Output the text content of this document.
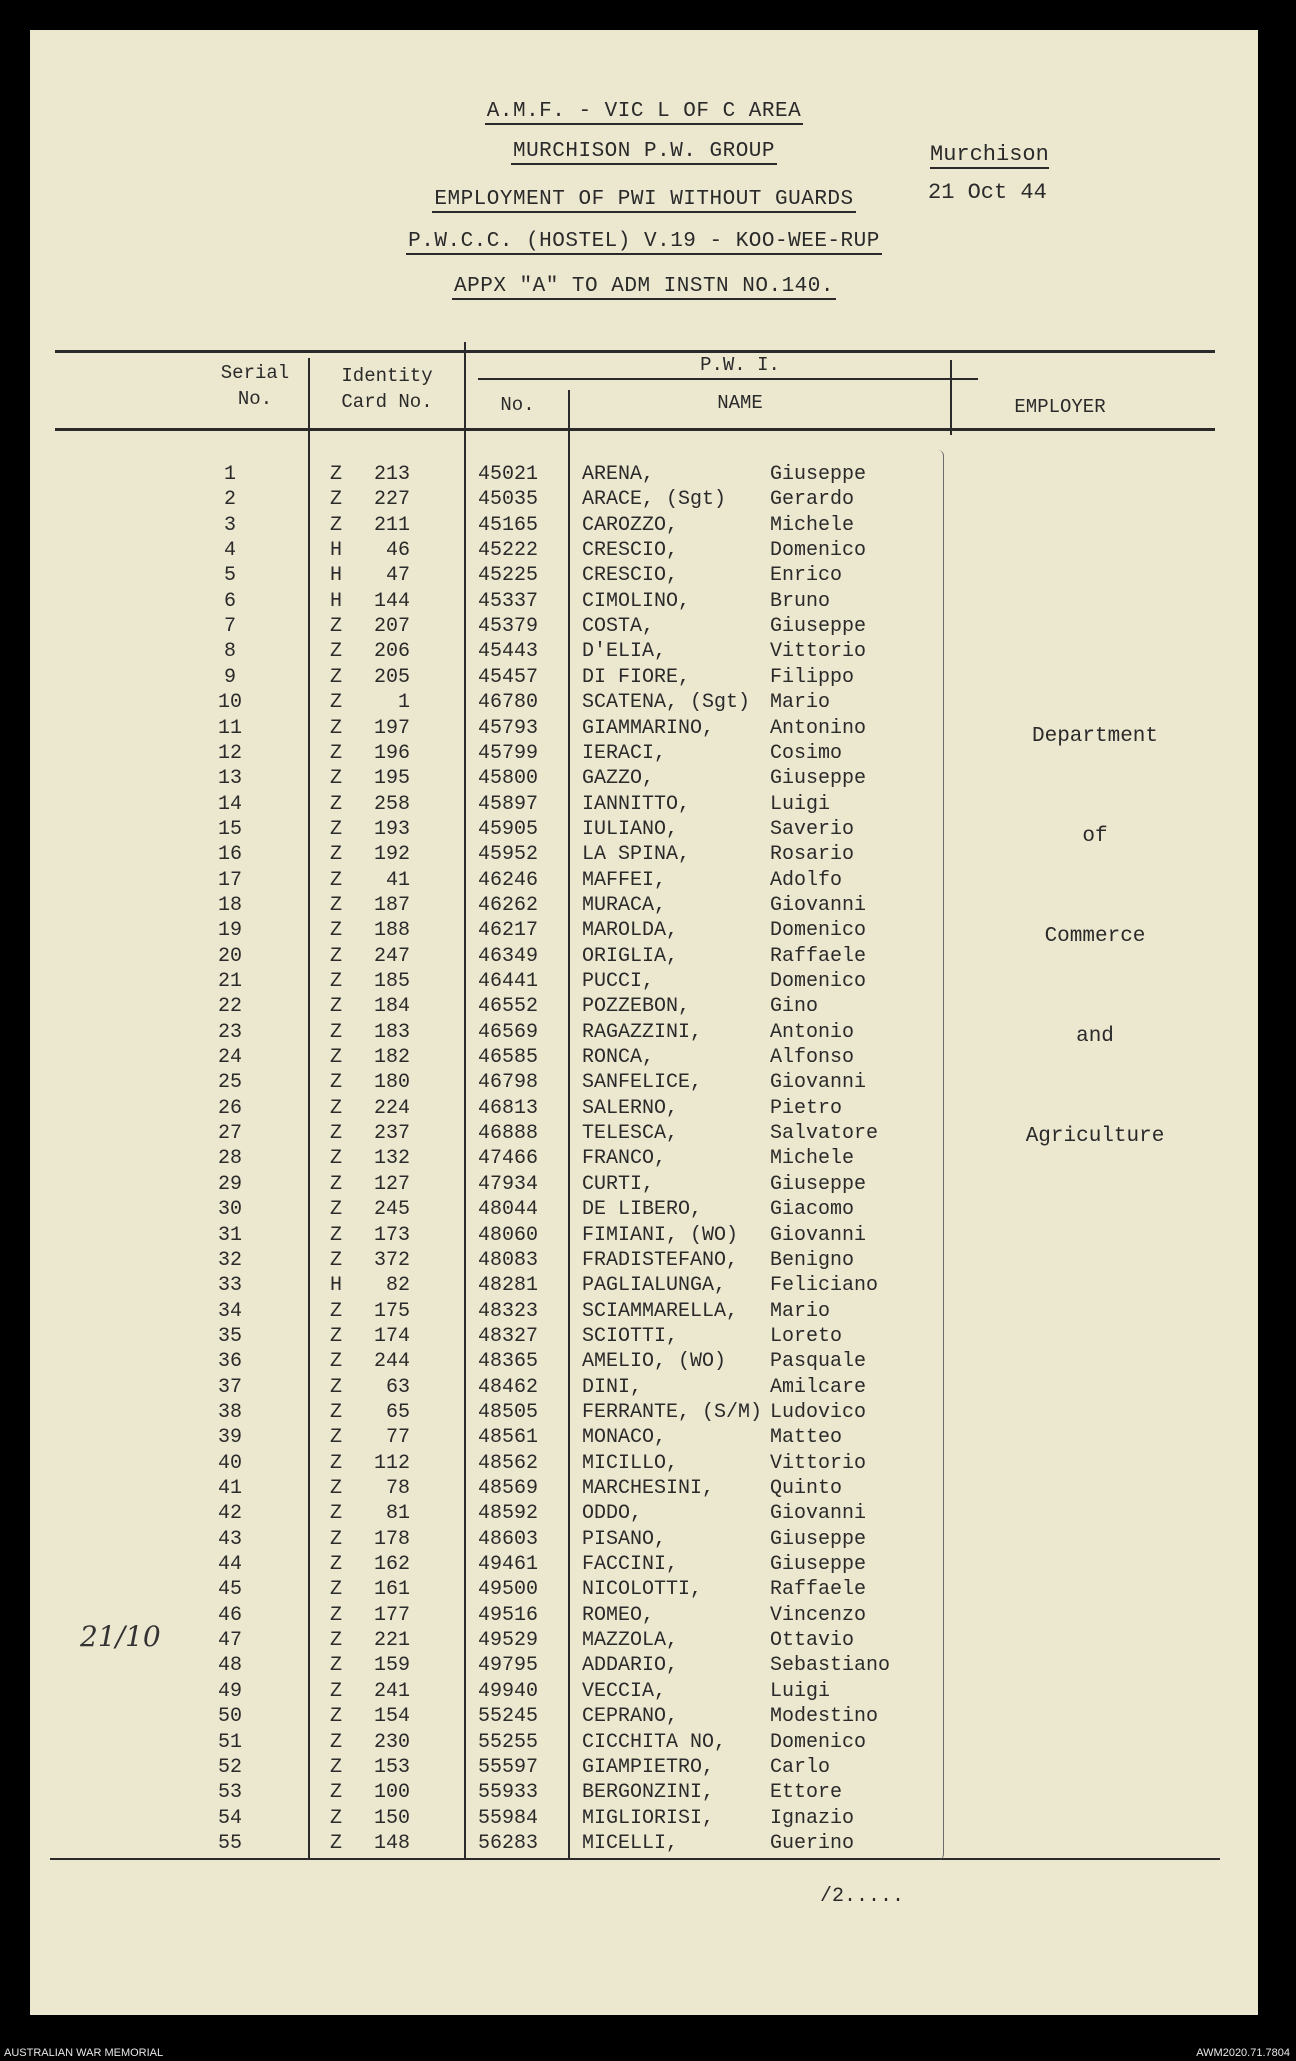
A.M.F. - VIC L OF C AREA
MURCHISON P.W. GROUP
EMPLOYMENT OF PWI WITHOUT GUARDS
P.W.C.C. (HOSTEL) V.19 - KOO-WEE-RUP
APPX "A" TO ADM INSTN NO.140.
Murchison
21 Oct 44
Serial
No.
Identity
Card No.
P.W. I.
No.	NAME	EMPLOYER
1	Z	213	45021 ARENA,	Giuseppe
2	Z	227	45035 ARACE, (Sgt) Gerardo
3	Z	211	45165 CAROZZO,	Michele
4	H	46	45222 CRESCIO,	Domenico
5	H	47	45225 CRESCIO,	Enrico
6	H	144	45337 CIMOLINO,	Bruno
7	Z	207	45379 COSTA,	Giuseppe
8	Z	206	45443 D'ELIA,	Vittorio
9	Z	205	45457 DI FIORE,	Filippo
10	Z	1	46780 SCATENA, (Sgt) Mario
11	Z	197	45793 GIAMMARINO,	Antonino
12	Z	196	45799 IERACI,	Cosimo
13	Z	195	45800 GAZZO,	Giuseppe
14	Z	258	45897 IANNITTO,	Luigi
15	Z	193	45905 IULIANO,	Saverio
16	Z	192	45952 LA SPINA,	Rosario
17	Z	41	46246 MAFFEI,	Adolfo
18	Z	187	46262 MURACA,	Giovanni
19	Z	188	46217 MAROLDA,	Domenico
20	Z	247	46349 ORIGLIA,	Raffaele
21	Z	185	46441 PUCCI,	Domenico
22	Z	184	46552 POZZEBON,	Gino
23	Z	183	46569 RAGAZZINI,	Antonio
24	Z	182	46585 RONCA,	Alfonso
25	Z	180	46798 SANFELICE,	Giovanni
26	Z	224	46813 SALERNO,	Pietro
27	Z	237	46888 TELESCA,	Salvatore
28	Z	132	47466 FRANCO,	Michele
29	Z	127	47934 CURTI,	Giuseppe
30	Z	245	48044 DE LIBERO,	Giacomo
31	Z	173	48060 FIMIANI, (WO) Giovanni
32	Z	372	48083 FRADISTEFANO, Benigno
33	H	82	48281 PAGLIALUNGA, Feliciano
34	Z	175	48323 SCIAMMARELLA, Mario
35	Z	174	48327 SCIOTTI,	Loreto
36	Z	244	48365 AMELIO, (WO) Pasquale
37	Z	63	48462 DINI,	Amilcare
38	Z	65	48505 FERRANTE, (S/M) Ludovico
39	Z	77	48561 MONACO,	Matteo
40	Z	112	48562 MICILLO,	Vittorio
41	Z	78	48569 MARCHESINI,	Quinto
42	Z	81	48592 ODDO,	Giovanni
43	Z	178	48603 PISANO,	Giuseppe
44	Z	162	49461 FACCINI,	Giuseppe
45	Z	161	49500 NICOLOTTI,	Raffaele
46	Z	177	49516 ROMEO,	Vincenzo
47	Z	221	49529 MAZZOLA,	Ottavio
48	Z	159	49795 ADDARIO,	Sebastiano
49	Z	241	49940 VECCIA,	Luigi
50	Z	154	55245 CEPRANO,	Modestino
51	Z	230	55255 CICCHITA NO, Domenico
52	Z	153	55597 GIAMPIETRO,	Carlo
53	Z	100	55933 BERGONZINI,	Ettore
54	Z	150	55984 MIGLIORISI,	Ignazio
55	Z	148	56283 MICELLI,	Guerino
Department
of
Commerce
and
Agriculture
/2.....
21/10
AUSTRALIAN WAR MEMORIAL	AWM2020.71.7804
